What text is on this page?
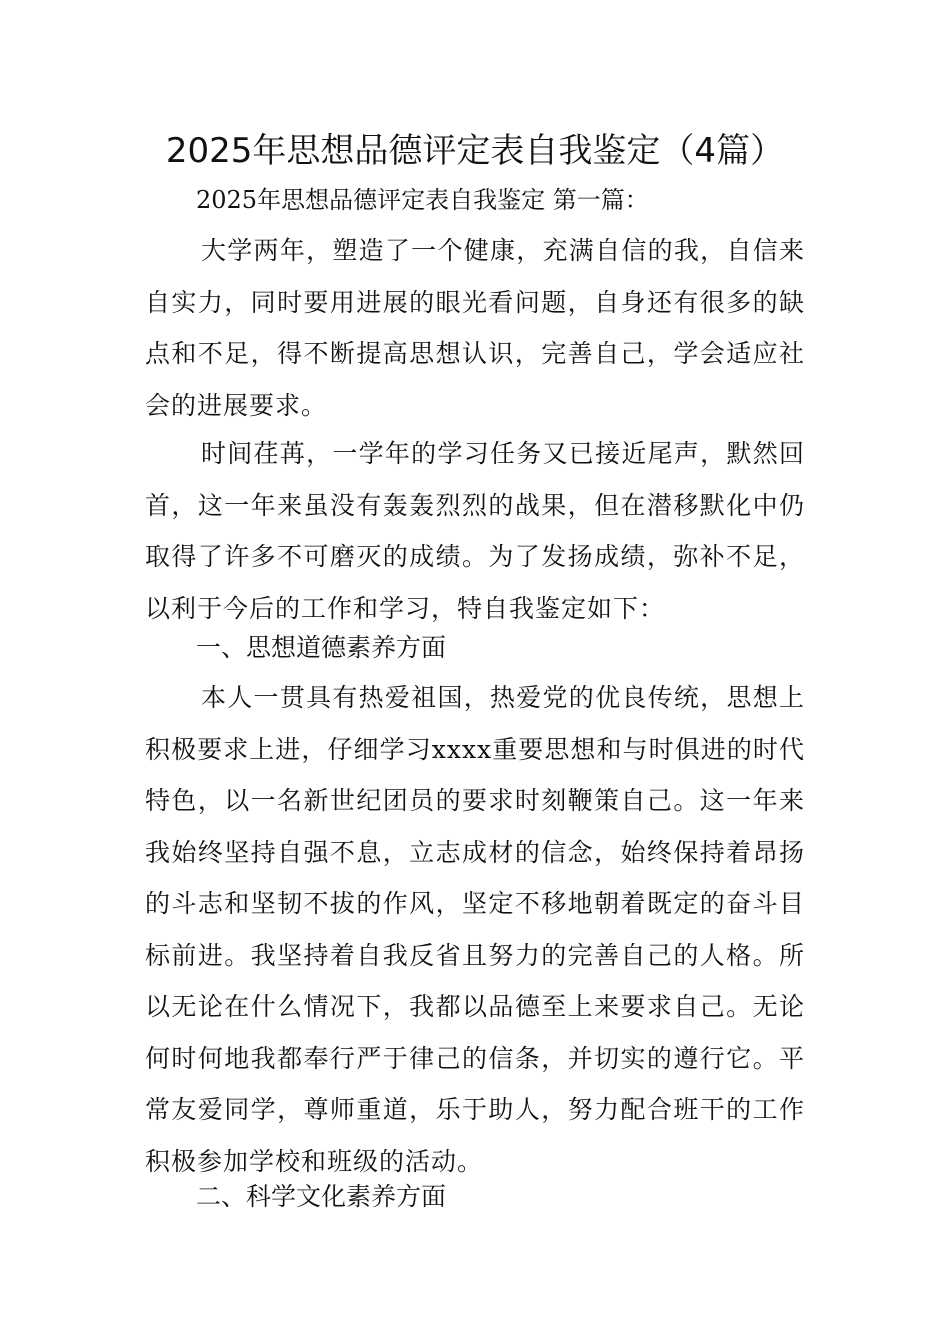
2025年思想品德评定表自我鉴定（4篇）

2025年思想品德评定表自我鉴定 第一篇：

大学两年，塑造了一个健康，充满自信的我，自信来自实力，同时要用进展的眼光看问题，自身还有很多的缺点和不足，得不断提高思想认识，完善自己，学会适应社会的进展要求。

时间荏苒，一学年的学习任务又已接近尾声，默然回首，这一年来虽没有轰轰烈烈的战果，但在潜移默化中仍取得了许多不可磨灭的成绩。为了发扬成绩，弥补不足，以利于今后的工作和学习，特自我鉴定如下：

一、思想道德素养方面

本人一贯具有热爱祖国，热爱党的优良传统，思想上积极要求上进，仔细学习xxxx重要思想和与时俱进的时代特色，以一名新世纪团员的要求时刻鞭策自己。这一年来我始终坚持自强不息，立志成材的信念，始终保持着昂扬的斗志和坚韧不拔的作风，坚定不移地朝着既定的奋斗目标前进。我坚持着自我反省且努力的完善自己的人格。所以无论在什么情况下，我都以品德至上来要求自己。无论何时何地我都奉行严于律己的信条，并切实的遵行它。平常友爱同学，尊师重道，乐于助人，努力配合班干的工作积极参加学校和班级的活动。

二、科学文化素养方面
